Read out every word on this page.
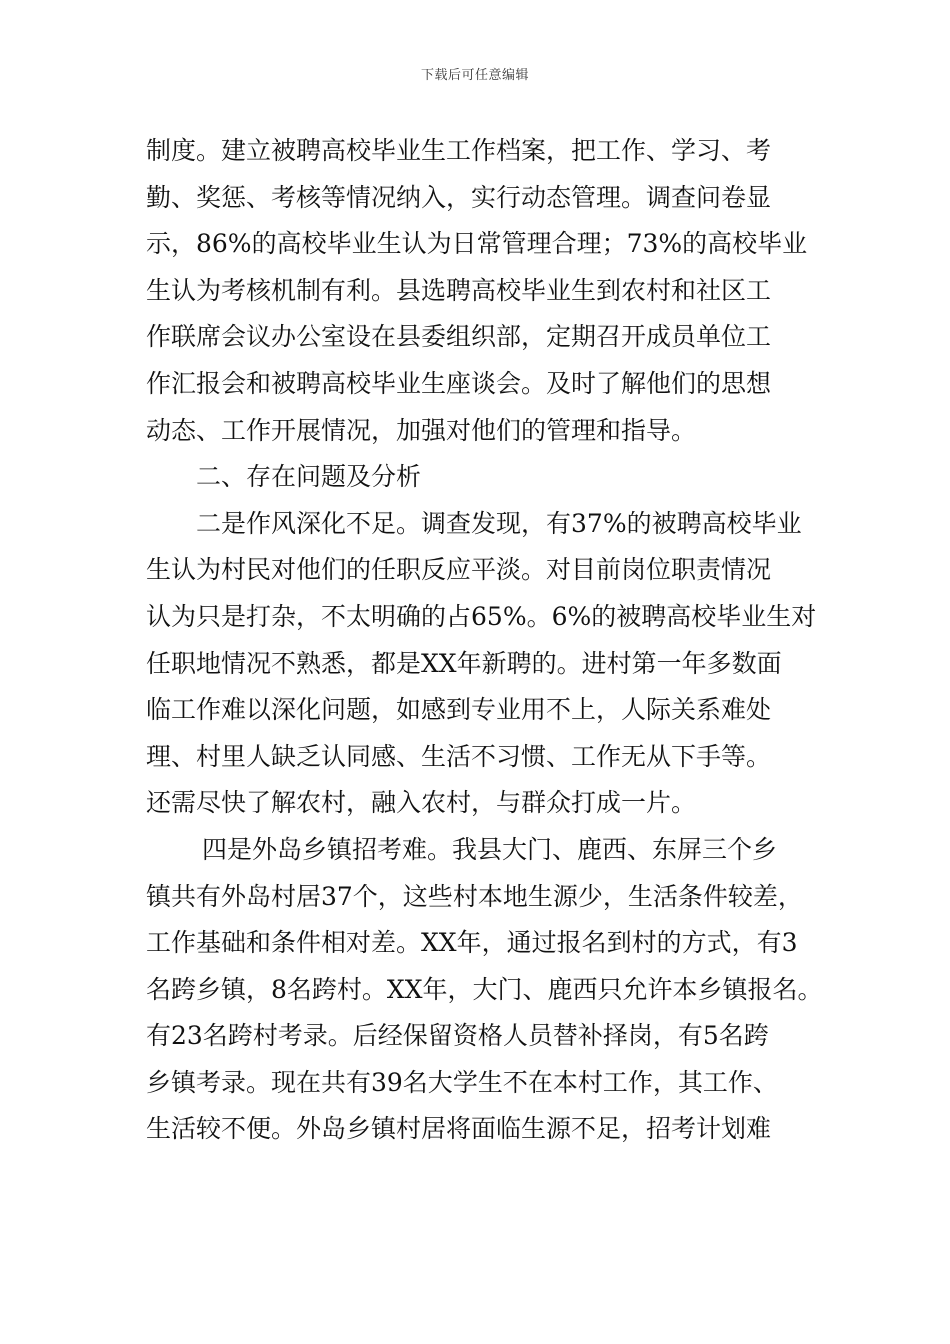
下载后可任意编辑
制度。建立被聘高校毕业生工作档案，把工作、学习、考
勤、奖惩、考核等情况纳入，实行动态管理。调查问卷显
示，86%的高校毕业生认为日常管理合理；73%的高校毕业
生认为考核机制有利。县选聘高校毕业生到农村和社区工
作联席会议办公室设在县委组织部，定期召开成员单位工
作汇报会和被聘高校毕业生座谈会。及时了解他们的思想
动态、工作开展情况，加强对他们的管理和指导。
二、存在问题及分析
二是作风深化不足。调查发现，有37%的被聘高校毕业
生认为村民对他们的任职反应平淡。对目前岗位职责情况
认为只是打杂，不太明确的占65%。6%的被聘高校毕业生对
任职地情况不熟悉，都是XX年新聘的。进村第一年多数面
临工作难以深化问题，如感到专业用不上，人际关系难处
理、村里人缺乏认同感、生活不习惯、工作无从下手等。
还需尽快了解农村，融入农村，与群众打成一片。
四是外岛乡镇招考难。我县大门、鹿西、东屏三个乡
镇共有外岛村居37个，这些村本地生源少，生活条件较差，
工作基础和条件相对差。XX年，通过报名到村的方式，有3
名跨乡镇，8名跨村。XX年，大门、鹿西只允许本乡镇报名。
有23名跨村考录。后经保留资格人员替补择岗，有5名跨
乡镇考录。现在共有39名大学生不在本村工作，其工作、
生活较不便。外岛乡镇村居将面临生源不足，招考计划难
